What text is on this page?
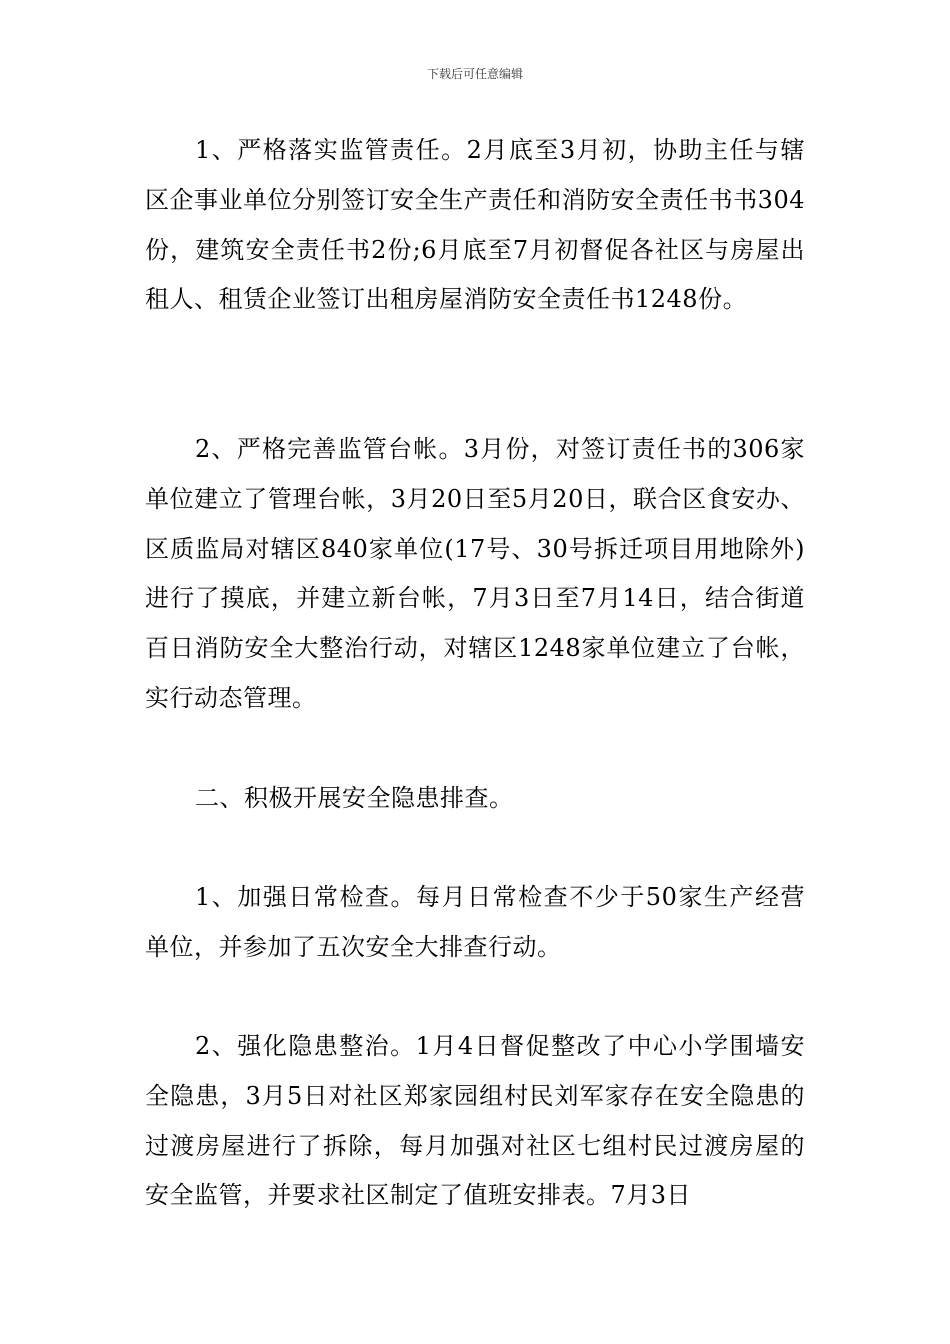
下载后可任意编辑

1、严格落实监管责任。2月底至3月初，协助主任与辖区企事业单位分别签订安全生产责任和消防安全责任书书304份，建筑安全责任书2份;6月底至7月初督促各社区与房屋出租人、租赁企业签订出租房屋消防安全责任书1248份。

2、严格完善监管台帐。3月份，对签订责任书的306家单位建立了管理台帐，3月20日至5月20日，联合区食安办、区质监局对辖区840家单位(17号、30号拆迁项目用地除外)进行了摸底，并建立新台帐，7月3日至7月14日，结合街道百日消防安全大整治行动，对辖区1248家单位建立了台帐，实行动态管理。

二、积极开展安全隐患排查。

1、加强日常检查。每月日常检查不少于50家生产经营单位，并参加了五次安全大排查行动。

2、强化隐患整治。1月4日督促整改了中心小学围墙安全隐患，3月5日对社区郑家园组村民刘军家存在安全隐患的过渡房屋进行了拆除，每月加强对社区七组村民过渡房屋的安全监管，并要求社区制定了值班安排表。7月3日
